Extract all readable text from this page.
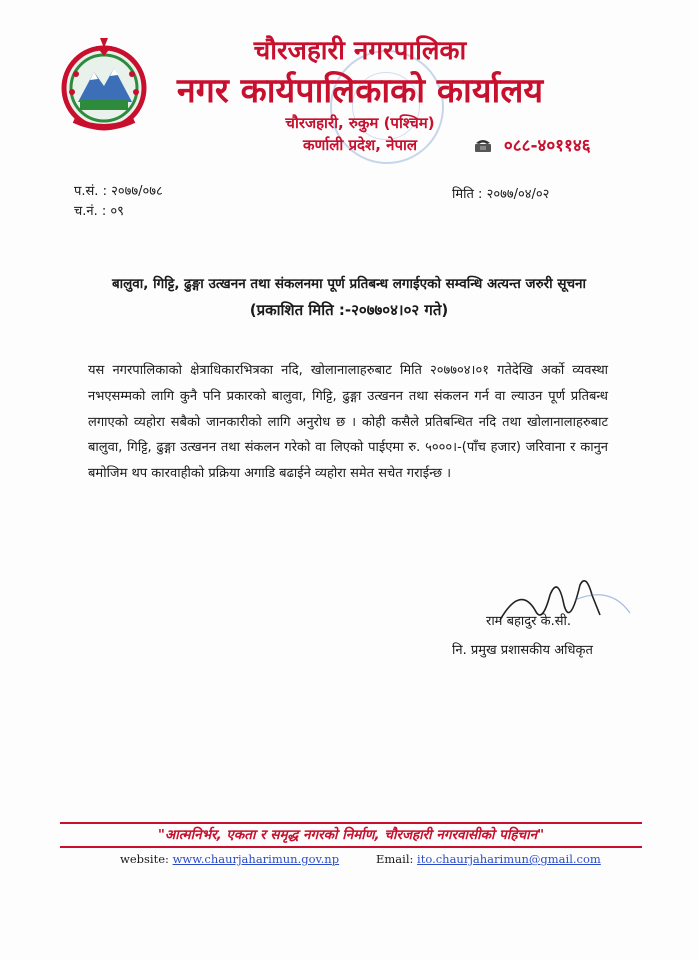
चौरजहारी नगरपालिका
नगर कार्यपालिकाको कार्यालय
चौरजहारी, रुकुम (पश्चिम)
कर्णाली प्रदेश, नेपाल	०८८-४०११४६
प.सं. : २०७७/०७८
च.नं. : ०९
मिति : २०७७/०४/०२
बालुवा, गिट्टि, ढुङ्गा उत्खनन तथा संकलनमा पूर्ण प्रतिबन्ध लगाईएको सम्वन्धि अत्यन्त जरुरी सूचना
(प्रकाशित मिति :-२०७७०४।०२ गते)
यस नगरपालिकाको क्षेत्राधिकारभित्रका नदि, खोलानालाहरुबाट मिति २०७७०४।०१ गतेदेखि अर्को व्यवस्था नभएसम्मको लागि कुनै पनि प्रकारको बालुवा, गिट्टि, ढुङ्गा उत्खनन तथा संकलन गर्न वा ल्याउन पूर्ण प्रतिबन्ध लगाएको व्यहोरा सबैको जानकारीको लागि अनुरोध छ । कोही कसैले प्रतिबन्धित नदि तथा खोलानालाहरुबाट बालुवा, गिट्टि, ढुङ्गा उत्खनन तथा संकलन गरेको वा लिएको पाईएमा रु. ५०००।-(पाँच हजार) जरिवाना र कानुन बमोजिम थप कारवाहीको प्रक्रिया अगाडि बढाईने व्यहोरा समेत सचेत गराईन्छ ।
राम बहादुर के.सी.
नि. प्रमुख प्रशासकीय अधिकृत
"आत्मनिर्भर, एकता र समृद्ध नगरको निर्माण, चौरजहारी नगरवासीको पहिचान"
website: www.chaurjaharimun.gov.np	Email: ito.chaurjaharimun@gmail.com
